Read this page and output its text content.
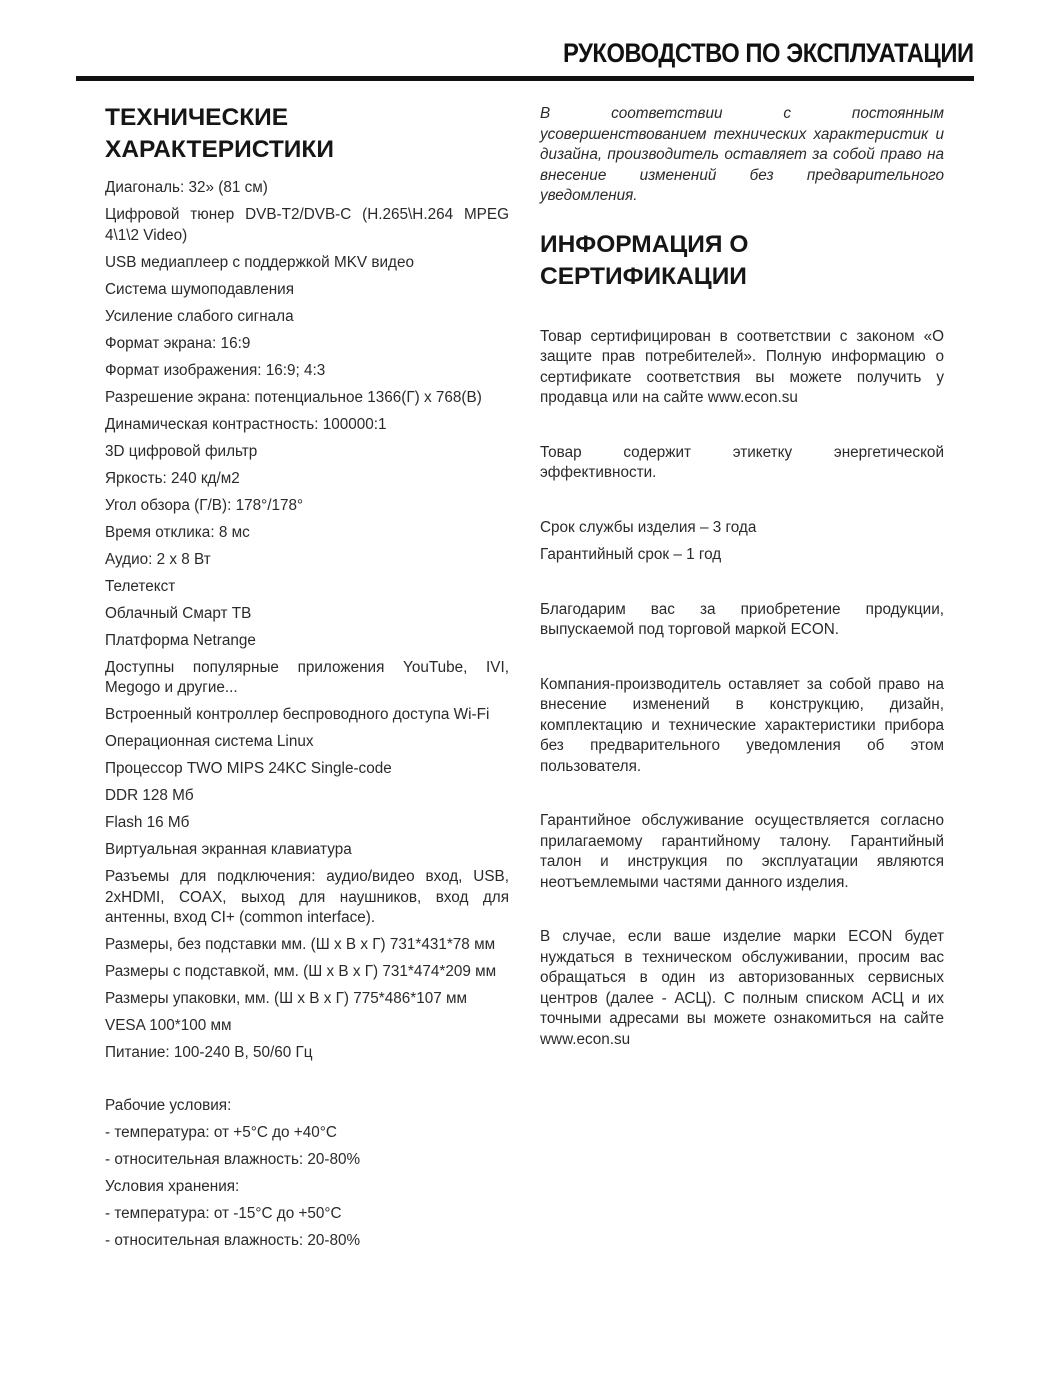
РУКОВОДСТВО ПО ЭКСПЛУАТАЦИИ
ТЕХНИЧЕСКИЕ
ХАРАКТЕРИСТИКИ
Диагональ: 32» (81 см)
Цифровой тюнер DVB-T2/DVB-C (H.265\H.264 MPEG 4\1\2 Video)
USB медиаплеер с поддержкой MKV видео
Система шумоподавления
Усиление слабого сигнала
Формат экрана: 16:9
Формат изображения: 16:9; 4:3
Разрешение экрана: потенциальное 1366(Г) x 768(В)
Динамическая контрастность: 100000:1
3D цифровой фильтр
Яркость: 240 кд/м2
Угол обзора (Г/В): 178°/178°
Время отклика: 8 мс
Аудио: 2 х 8 Вт
Телетекст
Облачный Смарт ТВ
Платформа Netrange
Доступны популярные приложения YouTube, IVI, Megogo и другие...
Встроенный контроллер беспроводного доступа Wi-Fi
Операционная система Linux
Процессор TWO MIPS 24KC Single-code
DDR 128 Мб
Flash 16 Мб
Виртуальная экранная клавиатура
Разъемы для подключения: аудио/видео вход, USB, 2xHDMI, COAX, выход для наушников, вход для антенны, вход CI+ (common interface).
Размеры, без подставки мм. (Ш х В х Г) 731*431*78 мм
Размеры с подставкой, мм. (Ш х В х Г) 731*474*209 мм
Размеры упаковки, мм. (Ш х В х Г) 775*486*107 мм
VESA 100*100 мм
Питание: 100-240 В, 50/60 Гц
Рабочие условия:
- температура: от +5°С до +40°С
- относительная влажность: 20-80%
Условия хранения:
- температура: от -15°С до +50°С
- относительная влажность: 20-80%

В соответствии с постоянным усовершенствованием технических характеристик и дизайна, производитель оставляет за собой право на внесение изменений без предварительного уведомления.

ИНФОРМАЦИЯ О
СЕРТИФИКАЦИИ

Товар сертифицирован в соответствии с законом «О защите прав потребителей». Полную информацию о сертификате соответствия вы можете получить у продавца или на сайте www.econ.su

Товар содержит этикетку энергетической эффективности.

Срок службы изделия – 3 года

Гарантийный срок – 1 год

Благодарим вас за приобретение продукции, выпускаемой под торговой маркой ECON.

Компания-производитель оставляет за собой право на внесение изменений в конструкцию, дизайн, комплектацию и технические характеристики прибора без предварительного уведомления об этом пользователя.

Гарантийное обслуживание осуществляется согласно прилагаемому гарантийному талону. Гарантийный талон и инструкция по эксплуатации являются неотъемлемыми частями данного изделия.

В случае, если ваше изделие марки ECON будет нуждаться в техническом обслуживании, просим вас обращаться в один из авторизованных сервисных центров (далее - АСЦ). С полным списком АСЦ и их точными адресами вы можете ознакомиться на сайте www.econ.su
